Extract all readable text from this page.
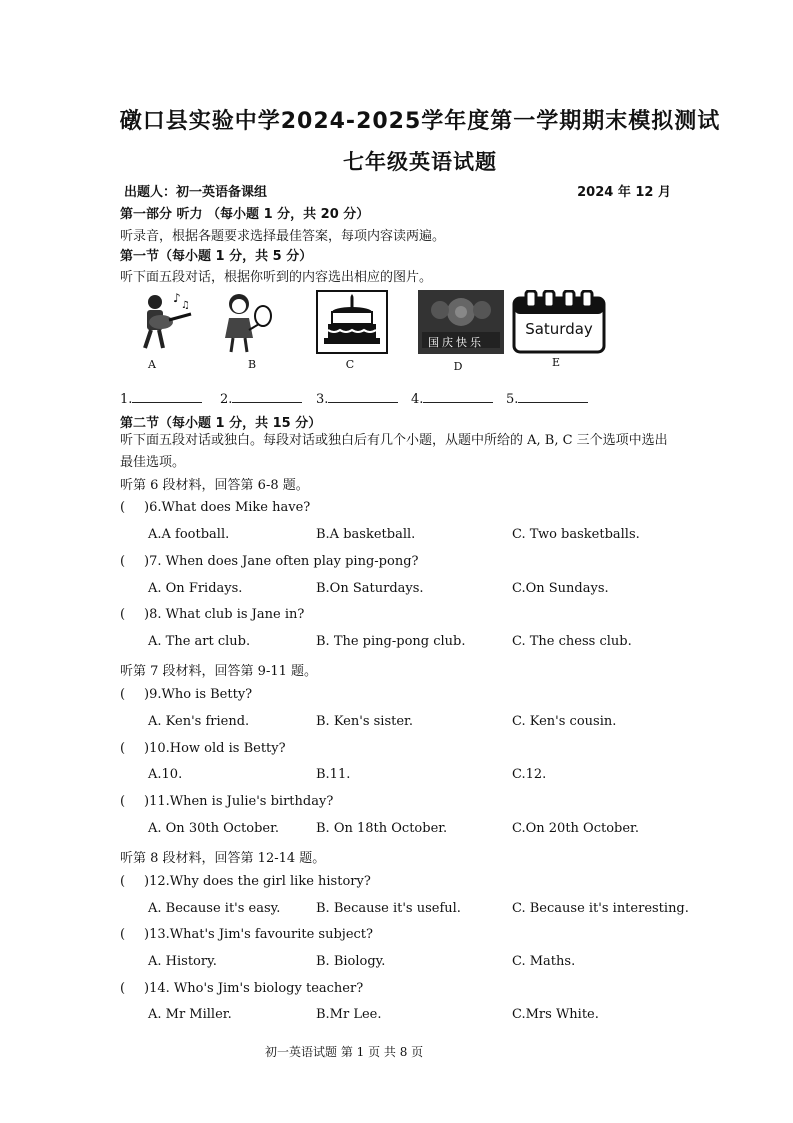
礅口县实验中学2024-2025学年度第一学期期末模拟测试
七年级英语试题
出题人：初一英语备课组	2024 年 12 月
第一部分 听力 （每小题 1 分，共 20 分）
听录音，根据各题要求选择最佳答案，每项内容读两遍。
第一节（每小题 1 分，共 5 分）
听下面五段对话，根据你听到的内容选出相应的图片。
♪
♫
A	B	C
国庆快乐
D
Saturday
E
1.	2.	3.	4.	5.
第二节（每小题 1 分，共 15 分）
听下面五段对话或独白。每段对话或独白后有几个小题，从题中所给的 A, B, C 三个选项中选出最佳选项。
听第 6 段材料，回答第 6-8 题。
( )6.What does Mike have?
A.A football.	B.A basketball.	C. Two basketballs.
( )7. When does Jane often play ping-pong?
A. On Fridays.	B.On Saturdays.	C.On Sundays.
( )8. What club is Jane in?
A. The art club.	B. The ping-pong club.	C. The chess club.
听第 7 段材料，回答第 9-11 题。
( )9.Who is Betty?
A. Ken's friend.	B. Ken's sister.	C. Ken's cousin.
( )10.How old is Betty?
A.10.	B.11.	C.12.
( )11.When is Julie's birthday?
A. On 30th October.	B. On 18th October.	C.On 20th October.
听第 8 段材料，回答第 12-14 题。
( )12.Why does the girl like history?
A. Because it's easy.	B. Because it's useful.	C. Because it's interesting.
( )13.What's Jim's favourite subject?
A. History.	B. Biology.	C. Maths.
( )14. Who's Jim's biology teacher?
A. Mr Miller.	B.Mr Lee.	C.Mrs White.
初一英语试题 第 1 页 共 8 页
